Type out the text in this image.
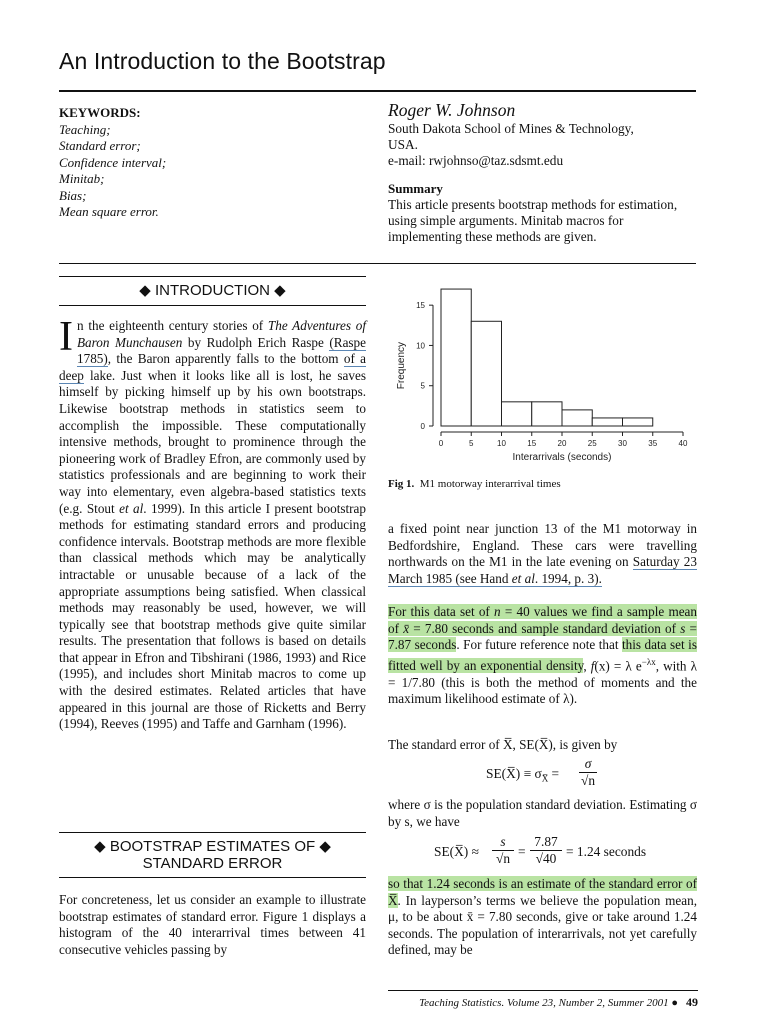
An Introduction to the Bootstrap
KEYWORDS:
Teaching;
Standard error;
Confidence interval;
Minitab;
Bias;
Mean square error.
Roger W. Johnson
South Dakota School of Mines & Technology,
USA.
e-mail: rwjohnso@taz.sdsmt.edu
Summary
This article presents bootstrap methods for estimation, using simple arguments. Minitab macros for implementing these methods are given.
◆ INTRODUCTION ◆
In the eighteenth century stories of The Adventures of Baron Munchausen by Rudolph Erich Raspe (Raspe 1785), the Baron apparently falls to the bottom of a deep lake. Just when it looks like all is lost, he saves himself by picking himself up by his own bootstraps. Likewise bootstrap methods in statistics seem to accomplish the impossible. These computationally intensive methods, brought to prominence through the pioneering work of Bradley Efron, are commonly used by statistics professionals and are beginning to work their way into elementary, even algebra-based statistics texts (e.g. Stout et al. 1999). In this article I present bootstrap methods for estimating standard errors and producing confidence intervals. Bootstrap methods are more flexible than classical methods which may be analytically intractable or unusable because of a lack of the appropriate assumptions being satisfied. When classical methods may reasonably be used, however, we will typically see that bootstrap methods give quite similar results. The presentation that follows is based on details that appear in Efron and Tibshirani (1986, 1993) and Rice (1995), and includes short Minitab macros to come up with the desired estimates. Related articles that have appeared in this journal are those of Ricketts and Berry (1994), Reeves (1995) and Taffe and Garnham (1996).
◆ BOOTSTRAP ESTIMATES OF ◆
STANDARD ERROR
For concreteness, let us consider an example to illustrate bootstrap estimates of standard error. Figure 1 displays a histogram of the 40 interarrival times between 41 consecutive vehicles passing by
0	5	10	15	20	25	30	35	40
0
5
10
15
Interarrivals (seconds)
Frequency
Fig 1. M1 motorway interarrival times
a fixed point near junction 13 of the M1 motorway in Bedfordshire, England. These cars were travelling northwards on the M1 in the late evening on Saturday 23 March 1985 (see Hand et al. 1994, p. 3).
For this data set of n = 40 values we find a sample mean of x̄ = 7.80 seconds and sample standard deviation of s = 7.87 seconds. For future reference note that this data set is fitted well by an exponential density, f(x) = λ $e^{-\lambda x}$, with λ = 1/7.80 (this is both the method of moments and the maximum likelihood estimate of λ).
The standard error of X̅, SE(X̅), is given by
SE(X̅) ≡ $\sigma_{X̅} = \frac{\sigma}{√n}$
where σ is the population standard deviation. Estimating σ by s, we have
SE(X̅) ≈ $\frac{s}{√n} = \frac{7.87}{√40} = 1.24$ seconds
so that 1.24 seconds is an estimate of the standard error of X̅. In layperson’s terms we believe the population mean, μ, to be about x̄ = 7.80 seconds, give or take around 1.24 seconds. The population of interarrivals, not yet carefully defined, may be
Teaching Statistics. Volume 23, Number 2, Summer 2001 ● 49
